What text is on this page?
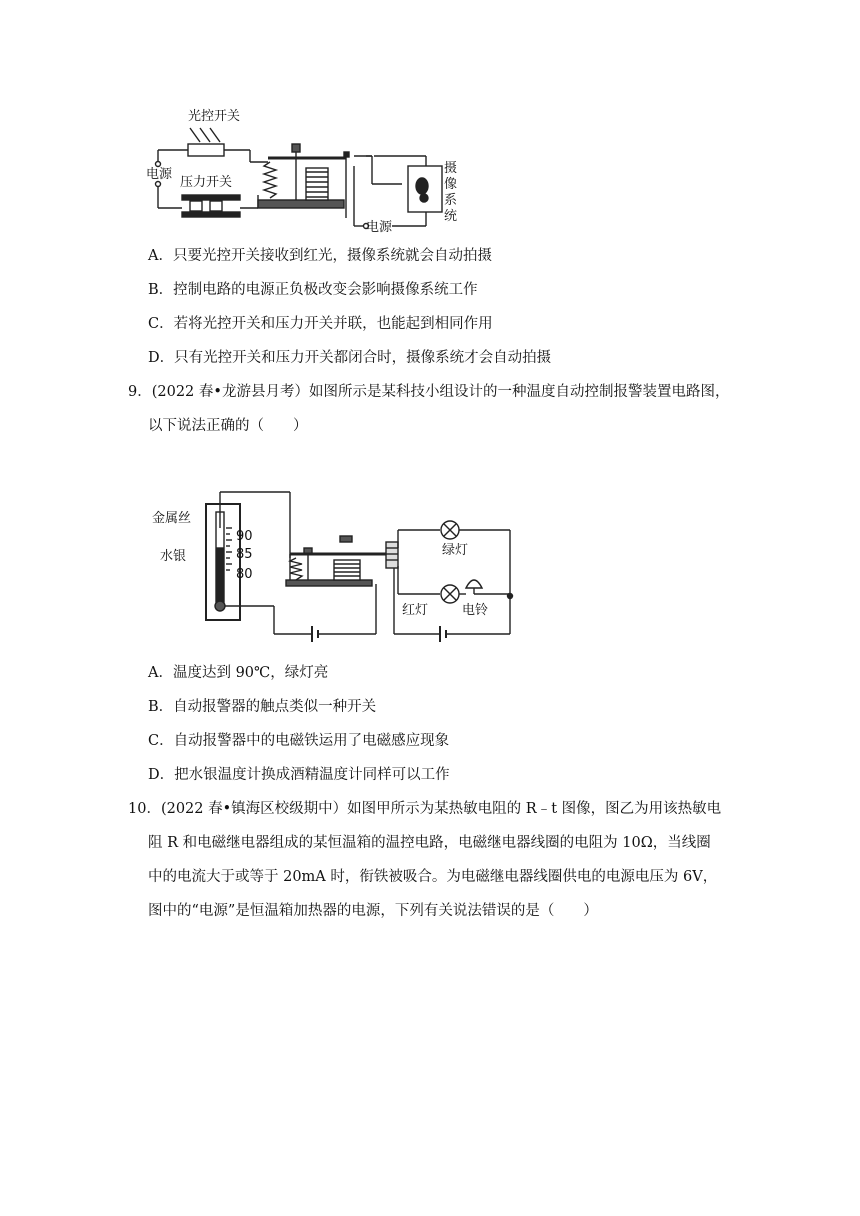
光控开关
电源
压力开关
电源
摄
像
系
统
A．只要光控开关接收到红光，摄像系统就会自动拍摄
B．控制电路的电源正负极改变会影响摄像系统工作
C．若将光控开关和压力开关并联，也能起到相同作用
D．只有光控开关和压力开关都闭合时，摄像系统才会自动拍摄
9．(2022 春•龙游县月考）如图所示是某科技小组设计的一种温度自动控制报警装置电路图，
以下说法正确的（　　）
金属丝
水银
90
85
80
绿灯
红灯	电铃
A．温度达到 90℃，绿灯亮
B．自动报警器的触点类似一种开关
C．自动报警器中的电磁铁运用了电磁感应现象
D．把水银温度计换成酒精温度计同样可以工作
10．(2022 春•镇海区校级期中）如图甲所示为某热敏电阻的 R﹣t 图像，图乙为用该热敏电
阻 R 和电磁继电器组成的某恒温箱的温控电路，电磁继电器线圈的电阻为 10Ω，当线圈
中的电流大于或等于 20mA 时，衔铁被吸合。为电磁继电器线圈供电的电源电压为 6V，
图中的“电源”是恒温箱加热器的电源，下列有关说法错误的是（　　）
